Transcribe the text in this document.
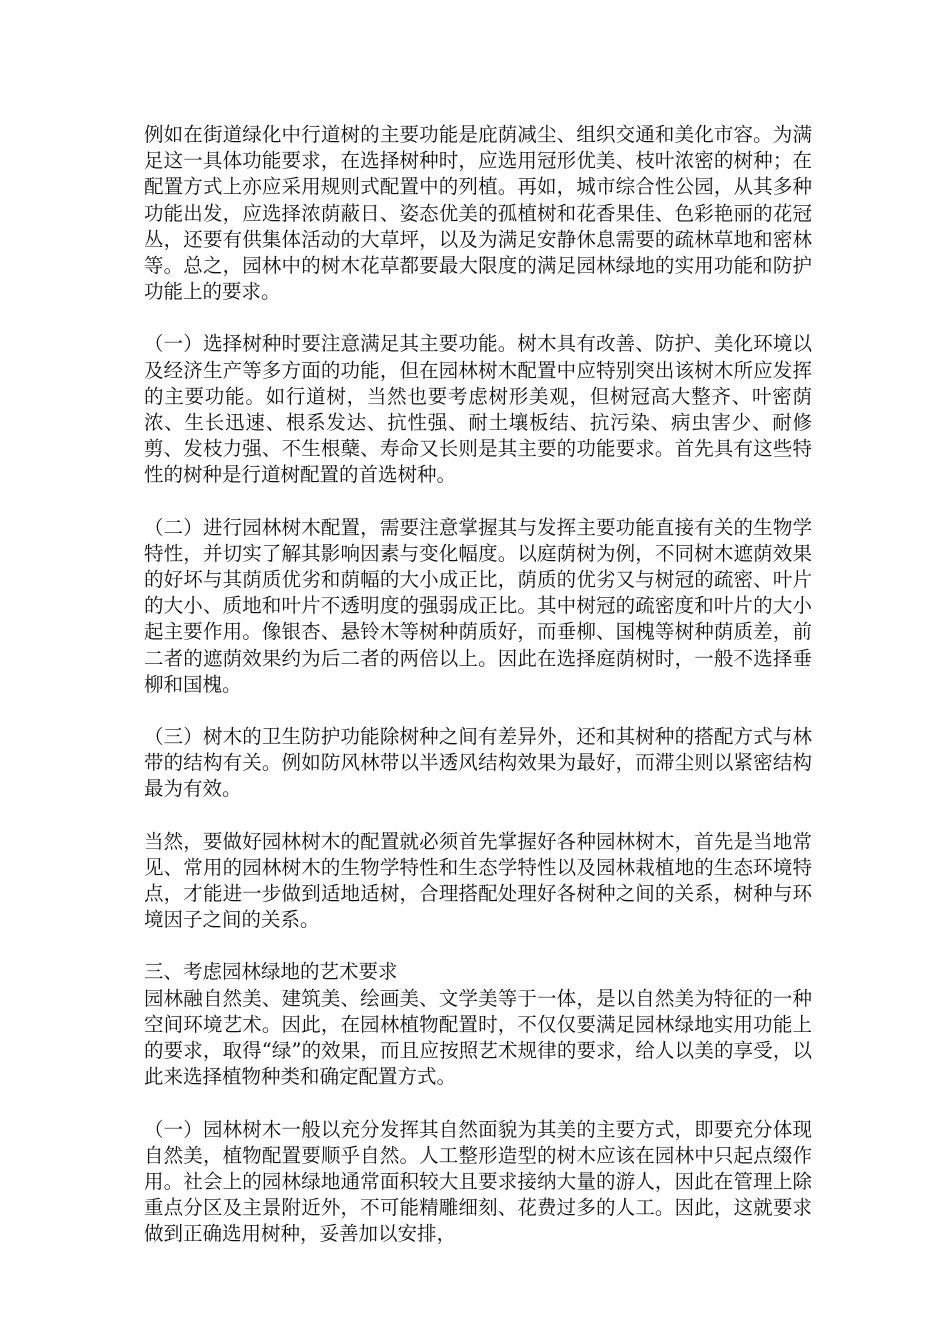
例如在街道绿化中行道树的主要功能是庇荫减尘、组织交通和美化市容。为满足这一具体功能要求，在选择树种时，应选用冠形优美、枝叶浓密的树种；在配置方式上亦应采用规则式配置中的列植。再如，城市综合性公园，从其多种功能出发，应选择浓荫蔽日、姿态优美的孤植树和花香果佳、色彩艳丽的花冠丛，还要有供集体活动的大草坪，以及为满足安静休息需要的疏林草地和密林等。总之，园林中的树木花草都要最大限度的满足园林绿地的实用功能和防护功能上的要求。

（一）选择树种时要注意满足其主要功能。树木具有改善、防护、美化环境以及经济生产等多方面的功能，但在园林树木配置中应特别突出该树木所应发挥的主要功能。如行道树，当然也要考虑树形美观，但树冠高大整齐、叶密荫浓、生长迅速、根系发达、抗性强、耐土壤板结、抗污染、病虫害少、耐修剪、发枝力强、不生根蘖、寿命又长则是其主要的功能要求。首先具有这些特性的树种是行道树配置的首选树种。

（二）进行园林树木配置，需要注意掌握其与发挥主要功能直接有关的生物学特性，并切实了解其影响因素与变化幅度。以庭荫树为例，不同树木遮荫效果的好坏与其荫质优劣和荫幅的大小成正比，荫质的优劣又与树冠的疏密、叶片的大小、质地和叶片不透明度的强弱成正比。其中树冠的疏密度和叶片的大小起主要作用。像银杏、悬铃木等树种荫质好，而垂柳、国槐等树种荫质差，前二者的遮荫效果约为后二者的两倍以上。因此在选择庭荫树时，一般不选择垂柳和国槐。

（三）树木的卫生防护功能除树种之间有差异外，还和其树种的搭配方式与林带的结构有关。例如防风林带以半透风结构效果为最好，而滞尘则以紧密结构最为有效。

当然，要做好园林树木的配置就必须首先掌握好各种园林树木，首先是当地常见、常用的园林树木的生物学特性和生态学特性以及园林栽植地的生态环境特点，才能进一步做到适地适树，合理搭配处理好各树种之间的关系，树种与环境因子之间的关系。

三、考虑园林绿地的艺术要求

园林融自然美、建筑美、绘画美、文学美等于一体，是以自然美为特征的一种空间环境艺术。因此，在园林植物配置时，不仅仅要满足园林绿地实用功能上的要求，取得“绿”的效果，而且应按照艺术规律的要求，给人以美的享受，以此来选择植物种类和确定配置方式。

（一）园林树木一般以充分发挥其自然面貌为其美的主要方式，即要充分体现自然美，植物配置要顺乎自然。人工整形造型的树木应该在园林中只起点缀作用。社会上的园林绿地通常面积较大且要求接纳大量的游人，因此在管理上除重点分区及主景附近外，不可能精雕细刻、花费过多的人工。因此，这就要求做到正确选用树种，妥善加以安排，
